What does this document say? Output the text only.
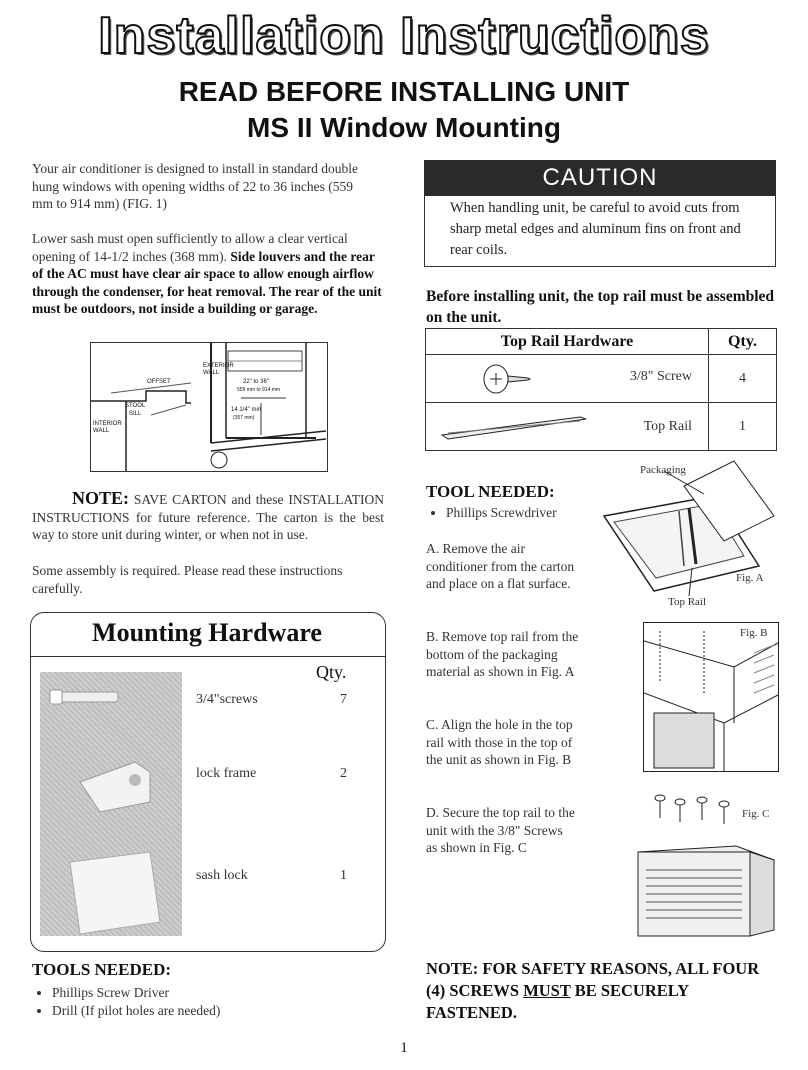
Installation Instructions
READ BEFORE INSTALLING UNIT
MS II Window Mounting
Your air conditioner is designed to install in standard double hung windows with opening widths of 22 to 36 inches (559 mm to 914 mm) (FIG. 1)
Lower sash must open sufficiently to allow a clear vertical opening of 14-1/2 inches (368 mm). Side louvers and the rear of the AC must have clear air space to allow enough airflow through the condenser, for heat removal. The rear of the unit must be outdoors, not inside a building or garage.
EXTERIOR WALL
OFFSET
STOOL
SILL
INTERIOR WALL
22" to 36"
559 mm to 914 mm
14 1/4" min
(357 mm)
NOTE: SAVE CARTON and these INSTALLATION INSTRUCTIONS for future reference. The carton is the best way to store unit during winter, or when not in use.
Some assembly is required. Please read these instructions carefully.
Mounting Hardware
Qty.
3/4"screws	7
lock frame	2
sash lock	1
TOOLS NEEDED:
• Phillips Screw Driver
• Drill (If pilot holes are needed)
CAUTION
When handling unit, be careful to avoid cuts from sharp metal edges and aluminum fins on front and rear coils.
Before installing unit, the top rail must be assembled on the unit.
Top Rail Hardware	Qty.

3/8" Screw	4

Top Rail	1
TOOL NEEDED:
• Phillips Screwdriver
A. Remove the air conditioner from the carton and place on a flat surface.
B. Remove top rail from the bottom of the packaging material as shown in Fig. A
C. Align the hole in the top rail with those in the top of the unit as shown in Fig. B
D. Secure the top rail to the unit with the 3/8" Screws as shown in Fig. C
Packaging
Fig. A
Top Rail
Fig. B
Fig. C
NOTE: FOR SAFETY REASONS, ALL FOUR (4) SCREWS MUST BE SECURELY FASTENED.
1
